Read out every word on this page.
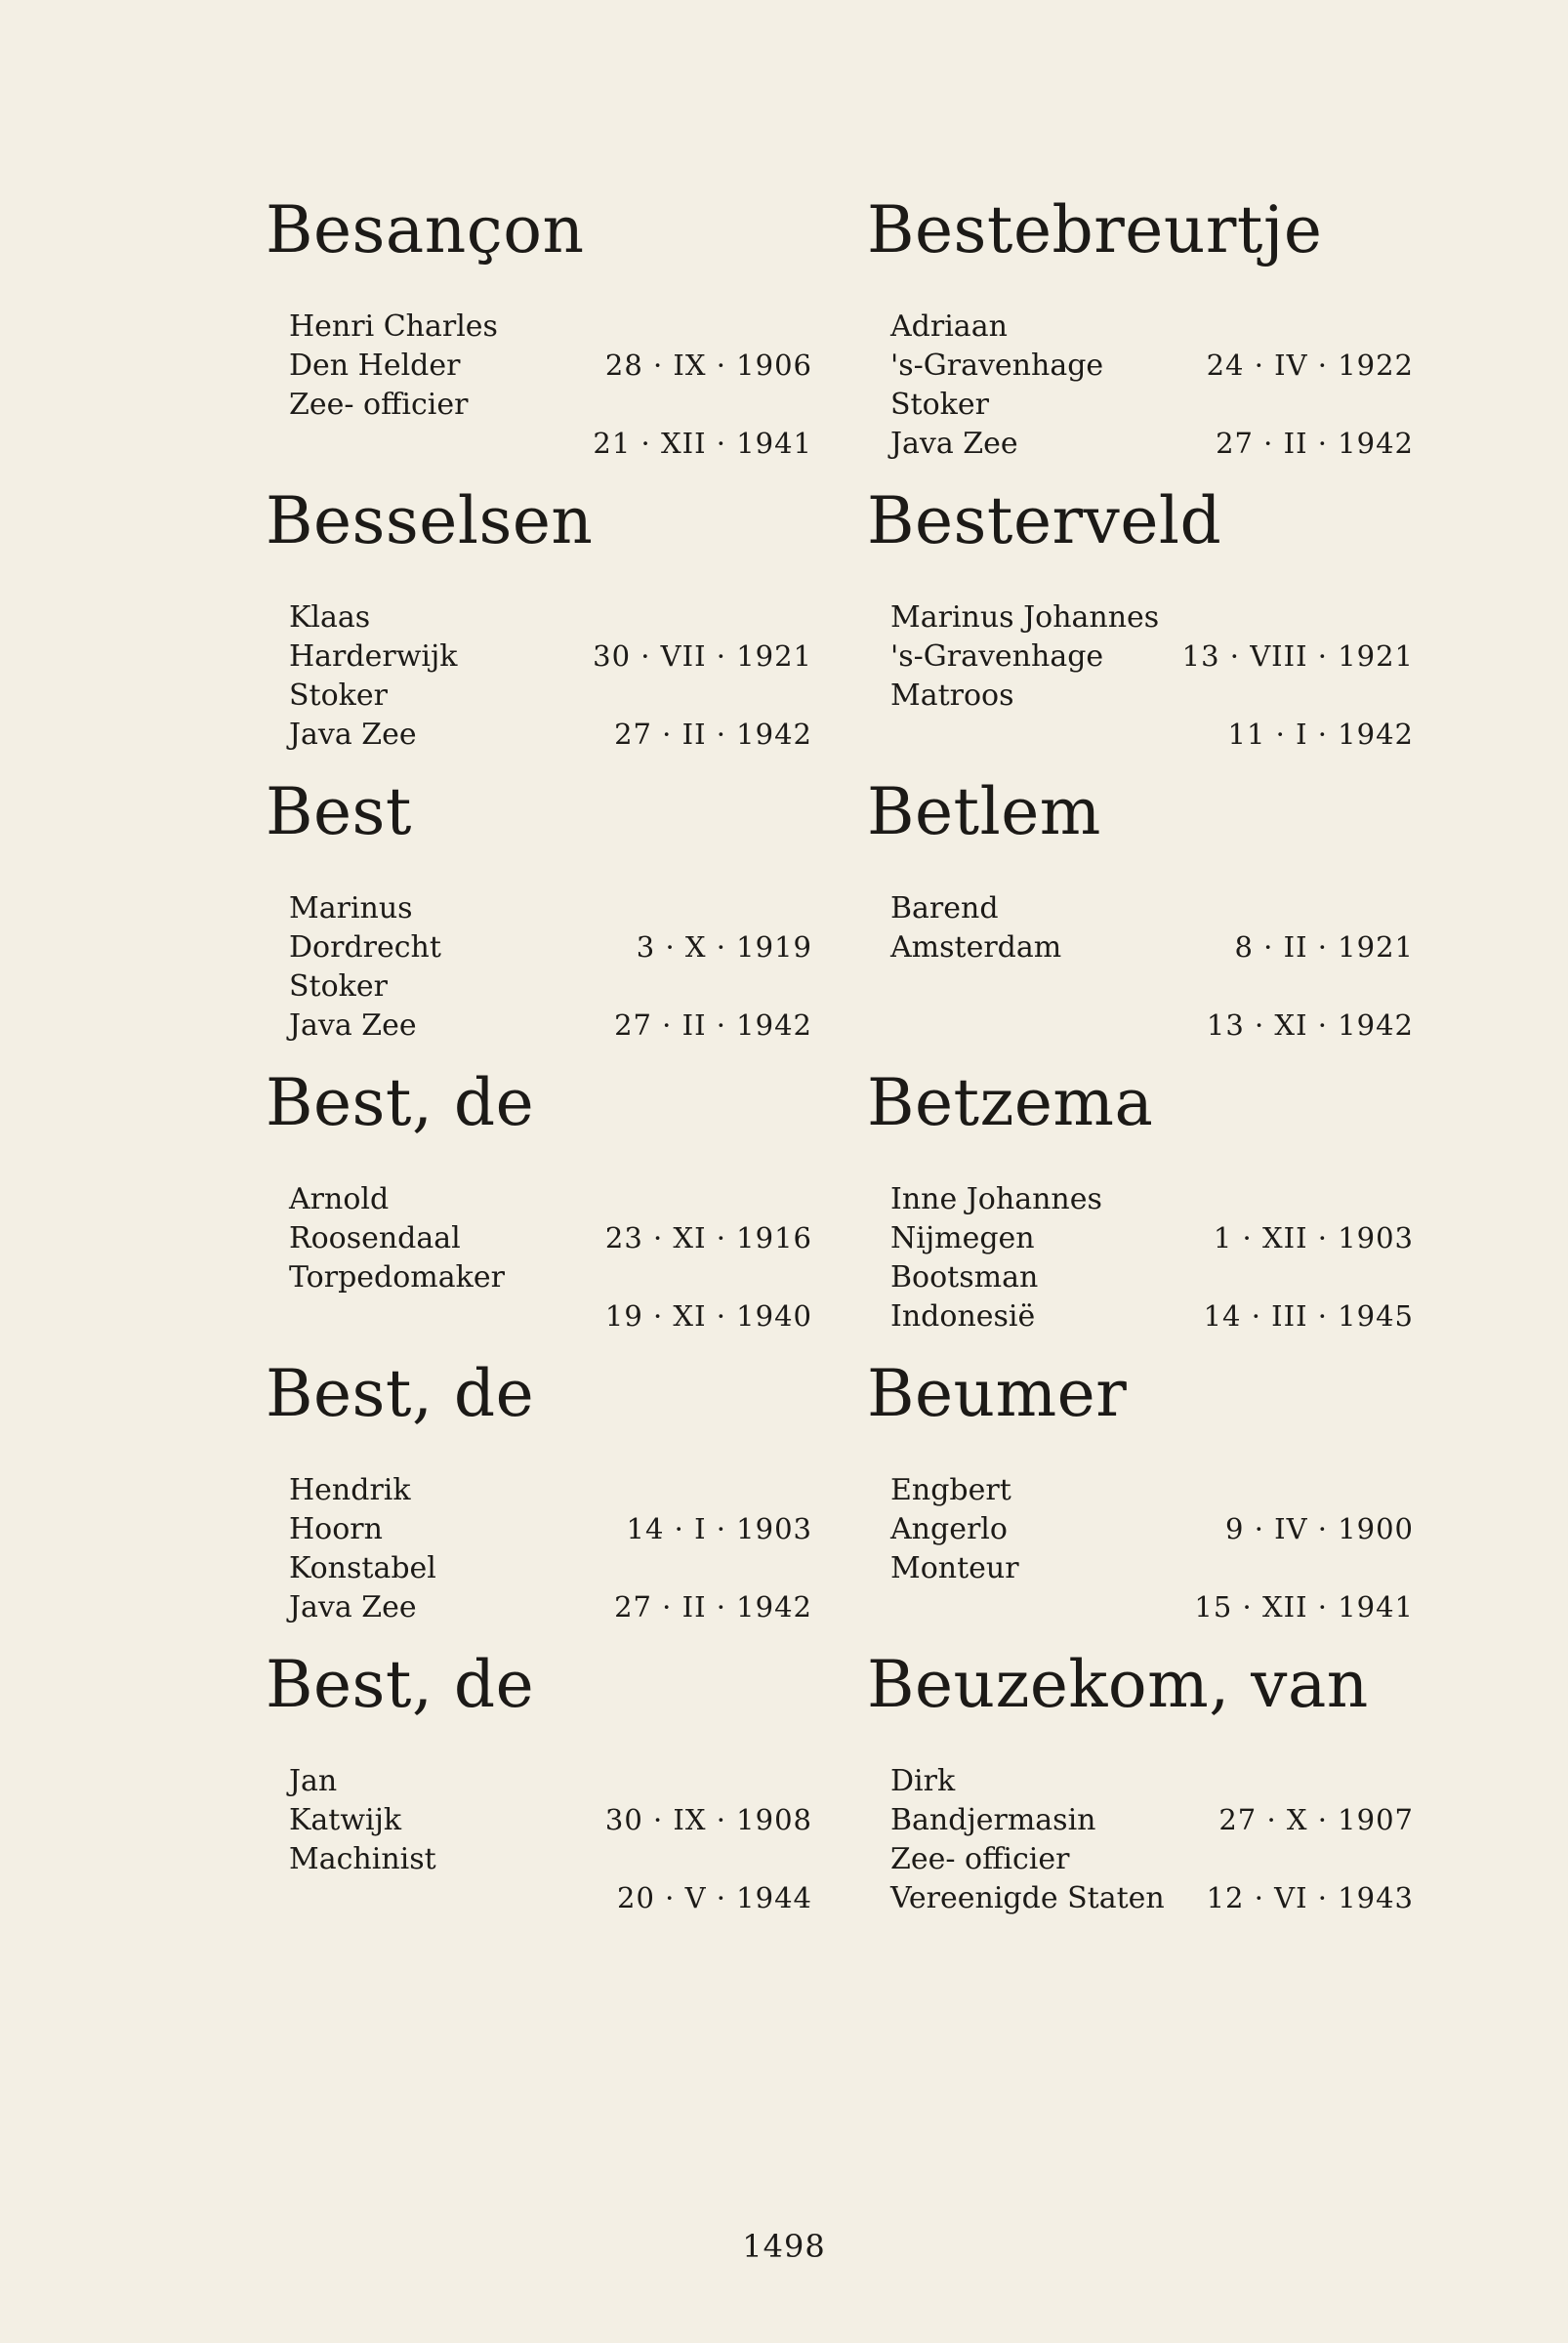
Besançon
Henri Charles
Den Helder	28 · IX · 1906
Zee- officier
21 · XII · 1941
Besselsen
Klaas
Harderwijk	30 · VII · 1921
Stoker
Java Zee	27 · II · 1942
Best
Marinus
Dordrecht	3 · X · 1919
Stoker
Java Zee	27 · II · 1942
Best, de
Arnold
Roosendaal	23 · XI · 1916
Torpedomaker
19 · XI · 1940
Best, de
Hendrik
Hoorn	14 · I · 1903
Konstabel
Java Zee	27 · II · 1942
Best, de
Jan
Katwijk	30 · IX · 1908
Machinist
20 · V · 1944
Bestebreurtje
Adriaan
's-Gravenhage	24 · IV · 1922
Stoker
Java Zee	27 · II · 1942
Besterveld
Marinus Johannes
's-Gravenhage	13 · VIII · 1921
Matroos
11 · I · 1942
Betlem
Barend
Amsterdam	8 · II · 1921
13 · XI · 1942
Betzema
Inne Johannes
Nijmegen	1 · XII · 1903
Bootsman
Indonesië	14 · III · 1945
Beumer
Engbert
Angerlo	9 · IV · 1900
Monteur
15 · XII · 1941
Beuzekom, van
Dirk
Bandjermasin	27 · X · 1907
Zee- officier
Vereenigde Staten 12 · VI · 1943
1498
